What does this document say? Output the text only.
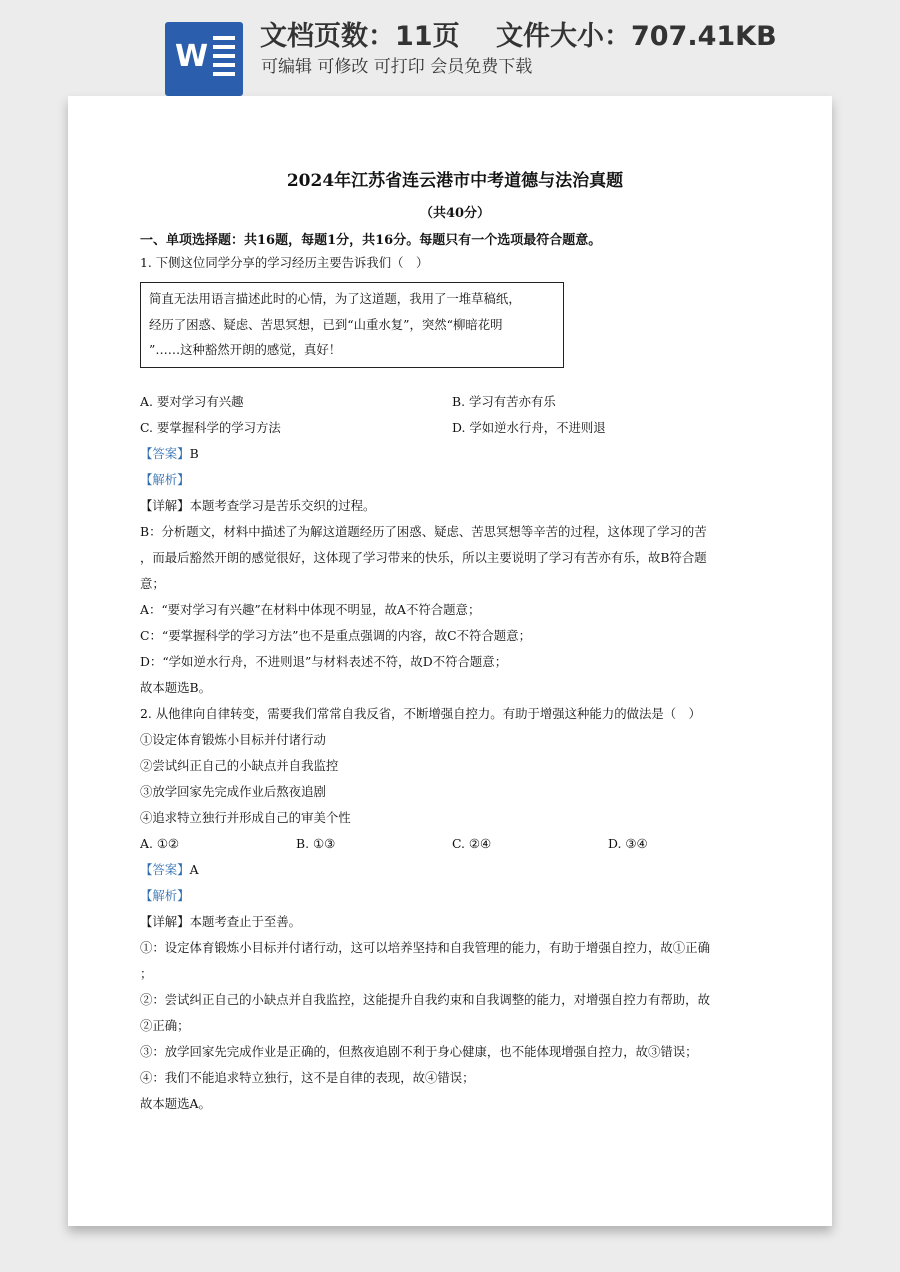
W
文档页数：11页　 文件大小：707.41KB
可编辑 可修改 可打印 会员免费下载
2024年江苏省连云港市中考道德与法治真题
（共40分）
一、单项选择题：共16题，每题1分，共16分。每题只有一个选项最符合题意。
1. 下侧这位同学分享的学习经历主要告诉我们（　）
简直无法用语言描述此时的心情，为了这道题，我用了一堆草稿纸，
经历了困惑、疑虑、苦思冥想，已到“山重水复”，突然“柳暗花明
”……这种豁然开朗的感觉，真好！
A. 要对学习有兴趣	B. 学习有苦亦有乐
C. 要掌握科学的学习方法	D. 学如逆水行舟，不进则退
【答案】B
【解析】
【详解】本题考查学习是苦乐交织的过程。
B：分析题文，材料中描述了为解这道题经历了困惑、疑虑、苦思冥想等辛苦的过程，这体现了学习的苦
，而最后豁然开朗的感觉很好，这体现了学习带来的快乐，所以主要说明了学习有苦亦有乐，故B符合题
意；
A：“要对学习有兴趣”在材料中体现不明显，故A不符合题意；
C：“要掌握科学的学习方法”也不是重点强调的内容，故C不符合题意；
D：“学如逆水行舟，不进则退”与材料表述不符，故D不符合题意；
故本题选B。
2. 从他律向自律转变，需要我们常常自我反省，不断增强自控力。有助于增强这种能力的做法是（　）
①设定体育锻炼小目标并付诸行动
②尝试纠正自己的小缺点并自我监控
③放学回家先完成作业后熬夜追剧
④追求特立独行并形成自己的审美个性
A. ①②	B. ①③	C. ②④	D. ③④
【答案】A
【解析】
【详解】本题考查止于至善。
①：设定体育锻炼小目标并付诸行动，这可以培养坚持和自我管理的能力，有助于增强自控力，故①正确
；
②：尝试纠正自己的小缺点并自我监控，这能提升自我约束和自我调整的能力，对增强自控力有帮助，故
②正确；
③：放学回家先完成作业是正确的，但熬夜追剧不利于身心健康，也不能体现增强自控力，故③错误；
④：我们不能追求特立独行，这不是自律的表现，故④错误；
故本题选A。
